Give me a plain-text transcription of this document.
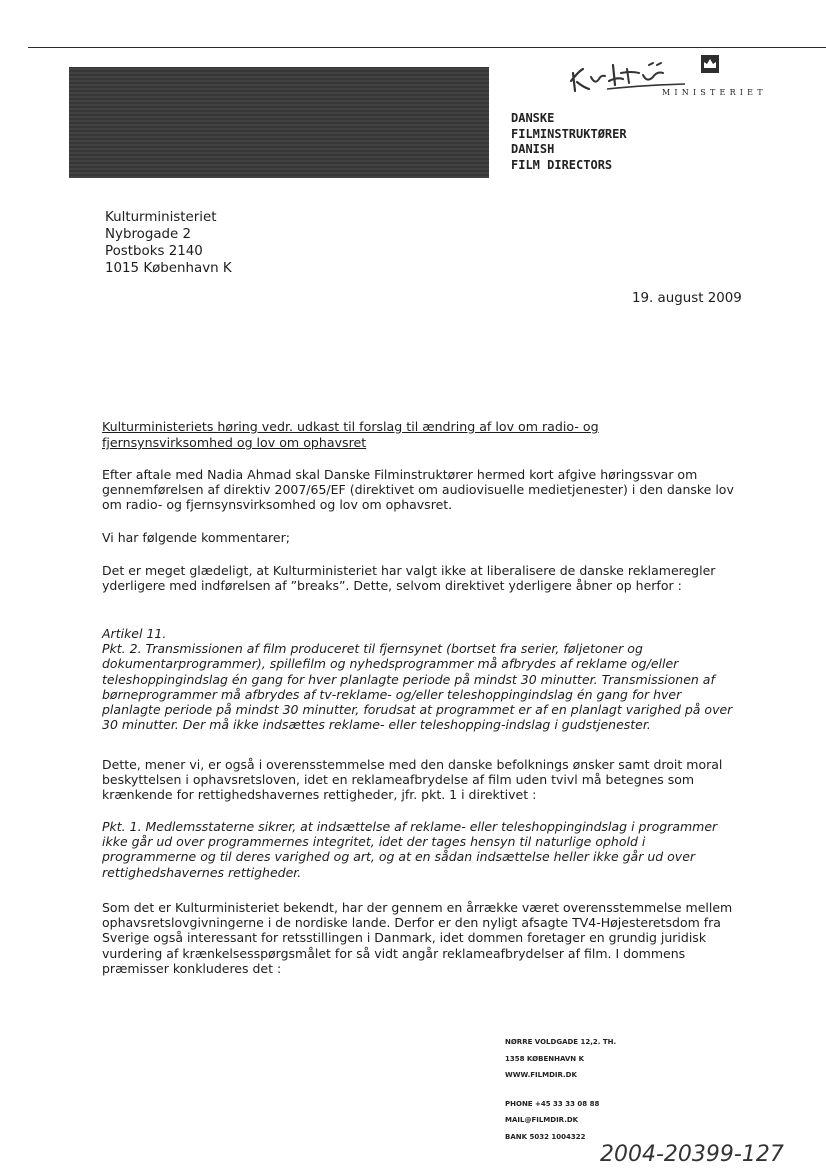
MINISTERIET
DANSKE
FILMINSTRUKTØRER
DANISH
FILM DIRECTORS
Kulturministeriet
Nybrogade 2
Postboks 2140
1015 København K
19. august 2009
Kulturministeriets høring vedr. udkast til forslag til ændring af lov om radio- og fjernsynsvirksomhed og lov om ophavsret
Efter aftale med Nadia Ahmad skal Danske Filminstruktører hermed kort afgive høringssvar om gennemførelsen af direktiv 2007/65/EF (direktivet om audiovisuelle medietjenester) i den danske lov om radio- og fjernsynsvirksomhed og lov om ophavsret.
Vi har følgende kommentarer;
Det er meget glædeligt, at Kulturministeriet har valgt ikke at liberalisere de danske reklameregler yderligere med indførelsen af ”breaks”. Dette, selvom direktivet yderligere åbner op herfor :
Artikel 11.
Pkt. 2. Transmissionen af film produceret til fjernsynet (bortset fra serier, føljetoner og dokumentarprogrammer), spillefilm og nyhedsprogrammer må afbrydes af reklame og/eller teleshoppingindslag én gang for hver planlagte periode på mindst 30 minutter. Transmissionen af børneprogrammer må afbrydes af tv-reklame- og/eller teleshoppingindslag én gang for hver planlagte periode på mindst 30 minutter, forudsat at programmet er af en planlagt varighed på over 30 minutter. Der må ikke indsættes reklame- eller teleshopping-indslag i gudstjenester.
Dette, mener vi, er også i overensstemmelse med den danske befolknings ønsker samt droit moral beskyttelsen i ophavsretsloven, idet en reklameafbrydelse af film uden tvivl må betegnes som krænkende for rettighedshavernes rettigheder, jfr. pkt. 1 i direktivet :
Pkt. 1. Medlemsstaterne sikrer, at indsættelse af reklame- eller teleshoppingindslag i programmer ikke går ud over programmernes integritet, idet der tages hensyn til naturlige ophold i programmerne og til deres varighed og art, og at en sådan indsættelse heller ikke går ud over rettighedshavernes rettigheder.
Som det er Kulturministeriet bekendt, har der gennem en årrække været overensstemmelse mellem ophavsretslovgivningerne i de nordiske lande. Derfor er den nyligt afsagte TV4-Højesteretsdom fra Sverige også interessant for retsstillingen i Danmark, idet dommen foretager en grundig juridisk vurdering af krænkelsesspørgsmålet for så vidt angår reklameafbrydelser af film. I dommens præmisser konkluderes det :
NØRRE VOLDGADE 12,2. TH.
1358 KØBENHAVN K
WWW.FILMDIR.DK
PHONE +45 33 33 08 88
MAIL@FILMDIR.DK
BANK 5032 1004322
2004-20399-127
